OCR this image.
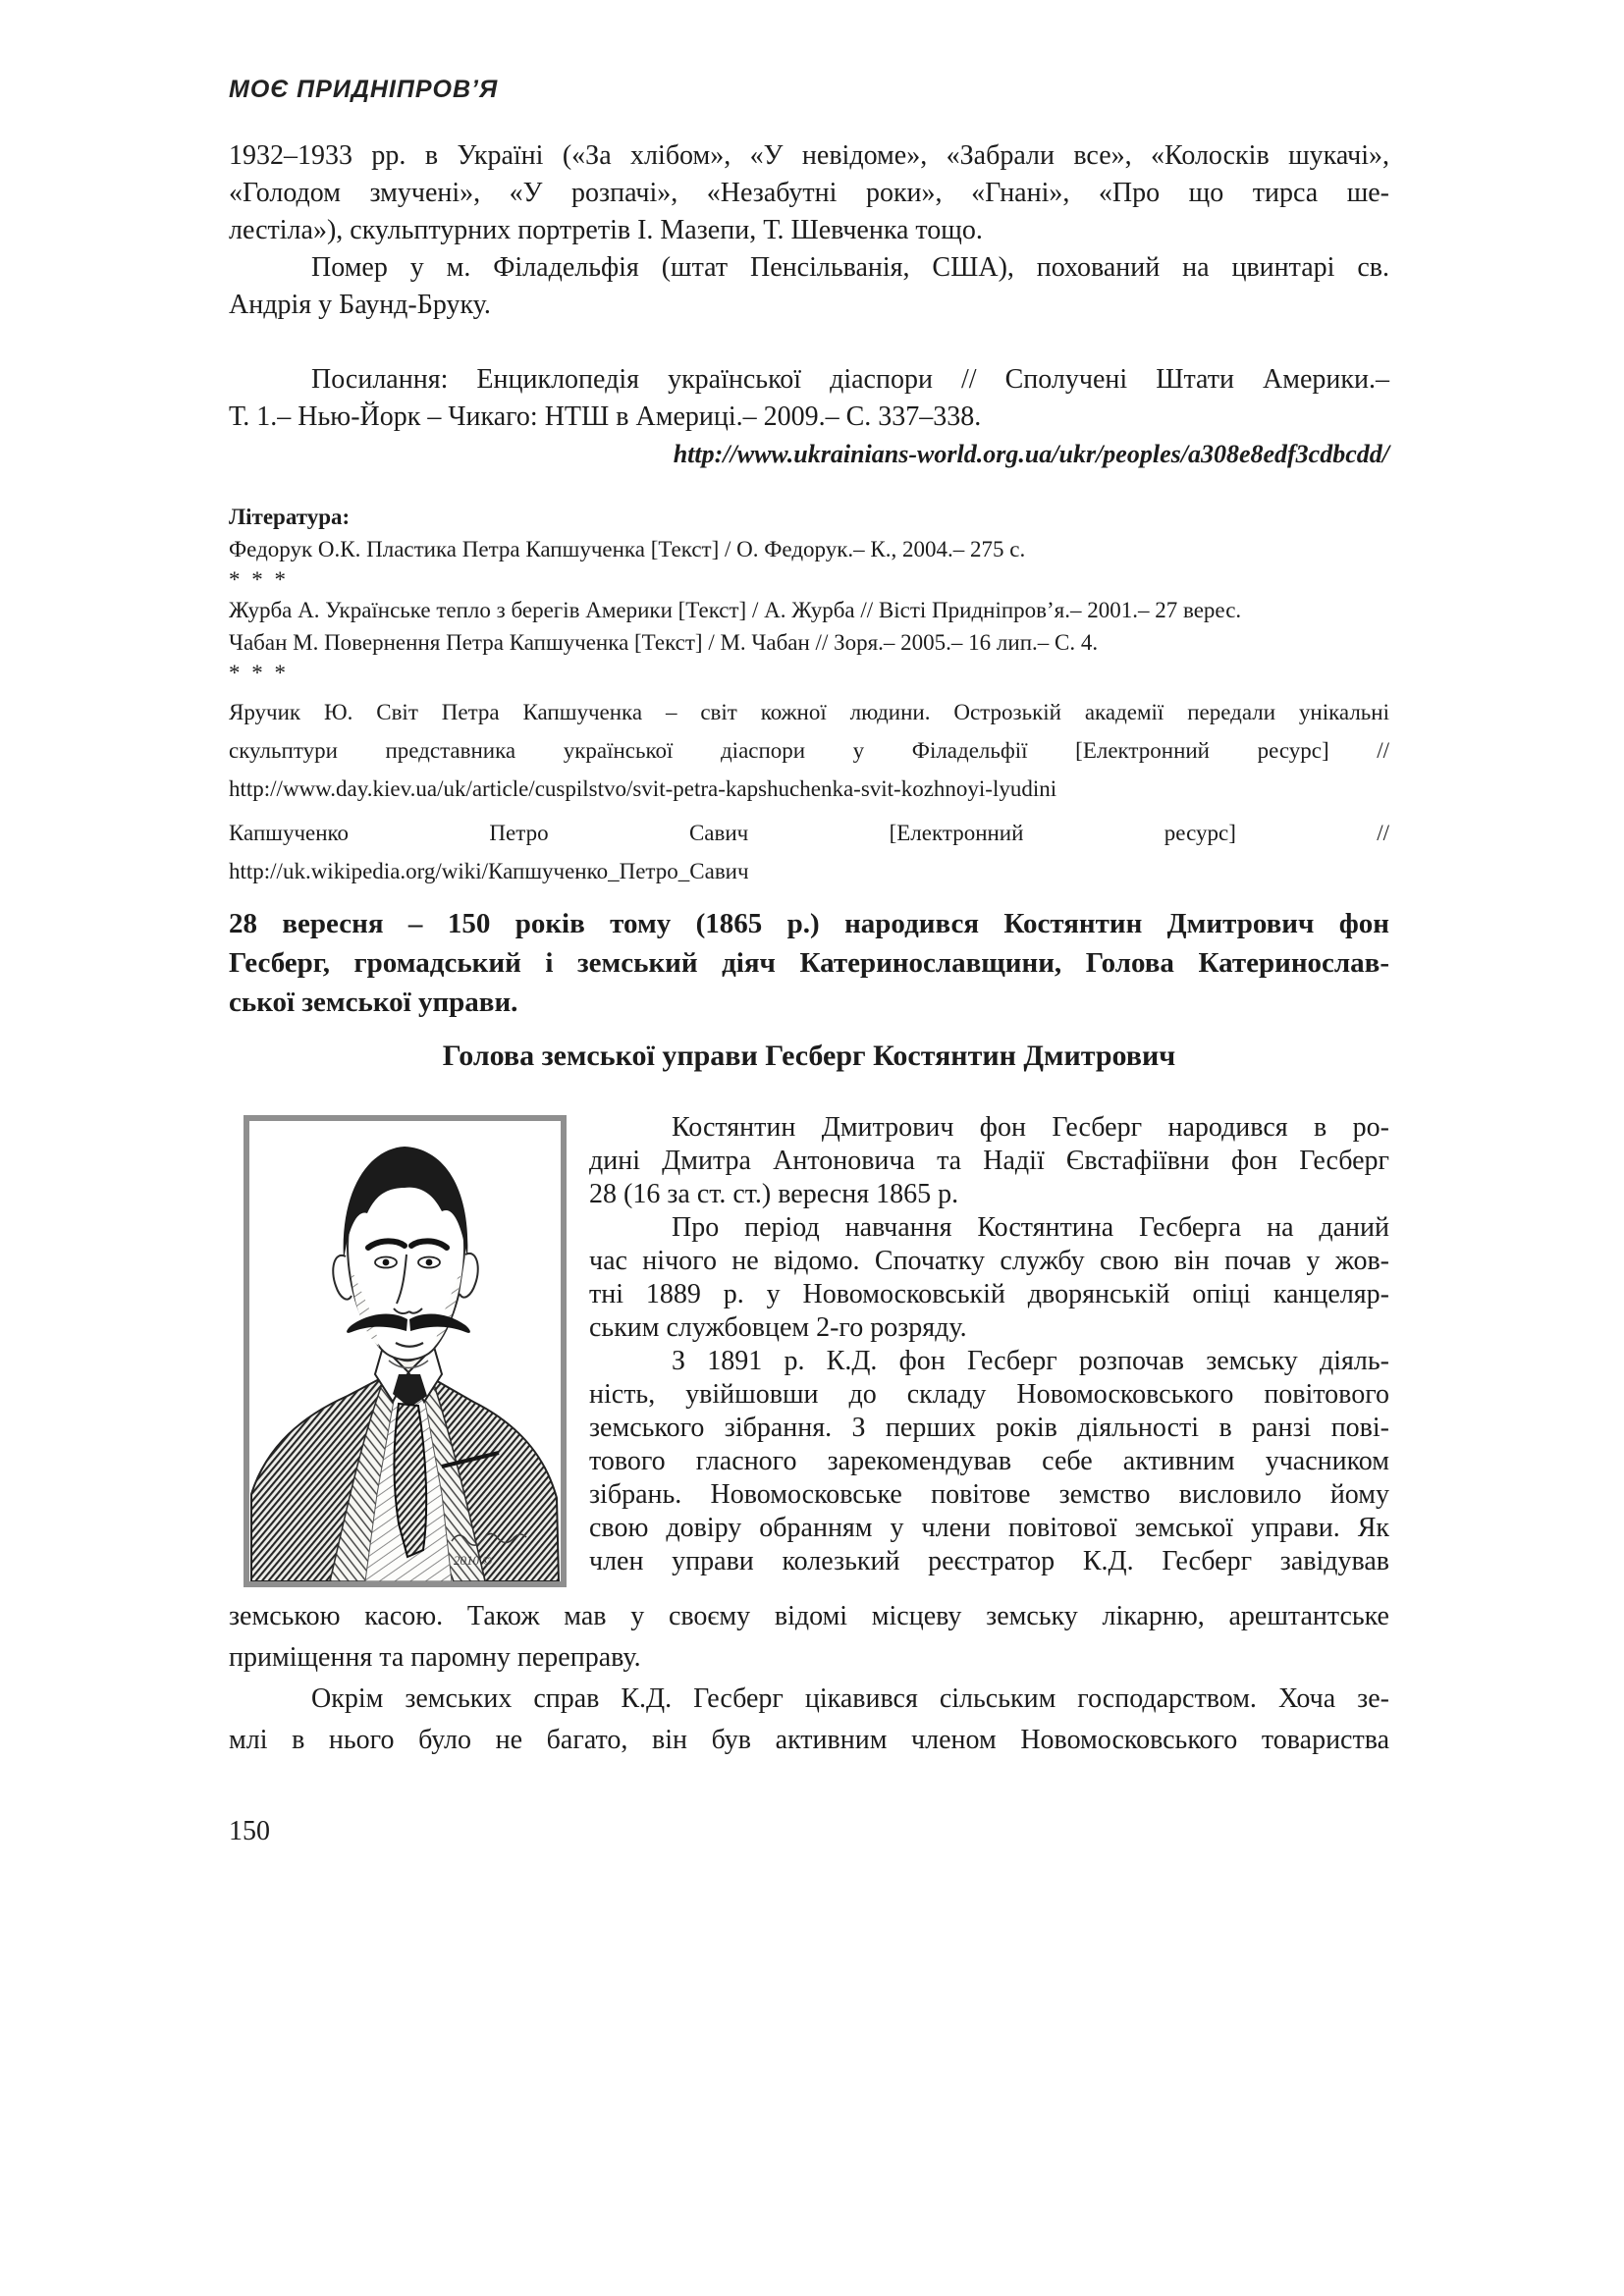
МОЄ ПРИДНІПРОВ’Я
1932–1933 рр. в Україні («За хлібом», «У невідоме», «Забрали все», «Колосків шукачі»,
«Голодом змучені», «У розпачі», «Незабутні роки», «Гнані», «Про що тирса ше-
лестіла»), скульптурних портретів І. Мазепи, Т. Шевченка тощо.
Помер у м. Філадельфія (штат Пенсільванія, США), похований на цвинтарі св.
Андрія у Баунд-Бруку.
Посилання: Енциклопедія української діаспори // Сполучені Штати Америки.–
Т. 1.– Нью-Йорк – Чикаго: НТШ в Америці.– 2009.– С. 337–338.
http://www.ukrainians-world.org.ua/ukr/peoples/a308e8edf3cdbcdd/
Література:
Федорук О.К. Пластика Петра Капшученка [Текст] / О. Федорук.– К., 2004.– 275 с.
* * *
Журба А. Українське тепло з берегів Америки [Текст] / А. Журба // Вісті Придніпров’я.– 2001.– 27 верес.
Чабан М. Повернення Петра Капшученка [Текст] / М. Чабан // Зоря.– 2005.– 16 лип.– С. 4.
* * *
Яручик Ю. Світ Петра Капшученка – світ кожної людини. Острозькій академії передали унікальні
скульптури представника української діаспори у Філадельфії [Електронний ресурс] //
http://www.day.kiev.ua/uk/article/cuspilstvo/svit-petra-kapshuchenka-svit-kozhnoyi-lyudini
Капшученко Петро Савич [Електронний ресурс] //
http://uk.wikipedia.org/wiki/Капшученко_Петро_Савич
28 вересня – 150 років тому (1865 р.) народився Костянтин Дмитрович фон
Гесберг, громадський і земський діяч Катеринославщини, Голова Катеринослав-
ської земської управи.
Голова земської управи Гесберг Костянтин Дмитрович
2010 ©
Костянтин Дмитрович фон Гесберг народився в ро-
дині Дмитра Антоновича та Надії Євстафіївни фон Гесберг
28 (16 за ст. ст.) вересня 1865 р.
Про період навчання Костянтина Гесберга на даний
час нічого не відомо. Спочатку службу свою він почав у жов-
тні 1889 р. у Новомосковській дворянській опіці канцеляр-
ським службовцем 2-го розряду.
З 1891 р. К.Д. фон Гесберг розпочав земську діяль-
ність, увійшовши до складу Новомосковського повітового
земського зібрання. З перших років діяльності в ранзі пові-
тового гласного зарекомендував себе активним учасником
зібрань. Новомосковське повітове земство висловило йому
свою довіру обранням у члени повітової земської управи. Як
член управи колезький реєстратор К.Д. Гесберг завідував
земською касою. Також мав у своєму відомі місцеву земську лікарню, арештантське
приміщення та паромну переправу.
Окрім земських справ К.Д. Гесберг цікавився сільським господарством. Хоча зе-
млі в нього було не багато, він був активним членом Новомосковського товариства
150
